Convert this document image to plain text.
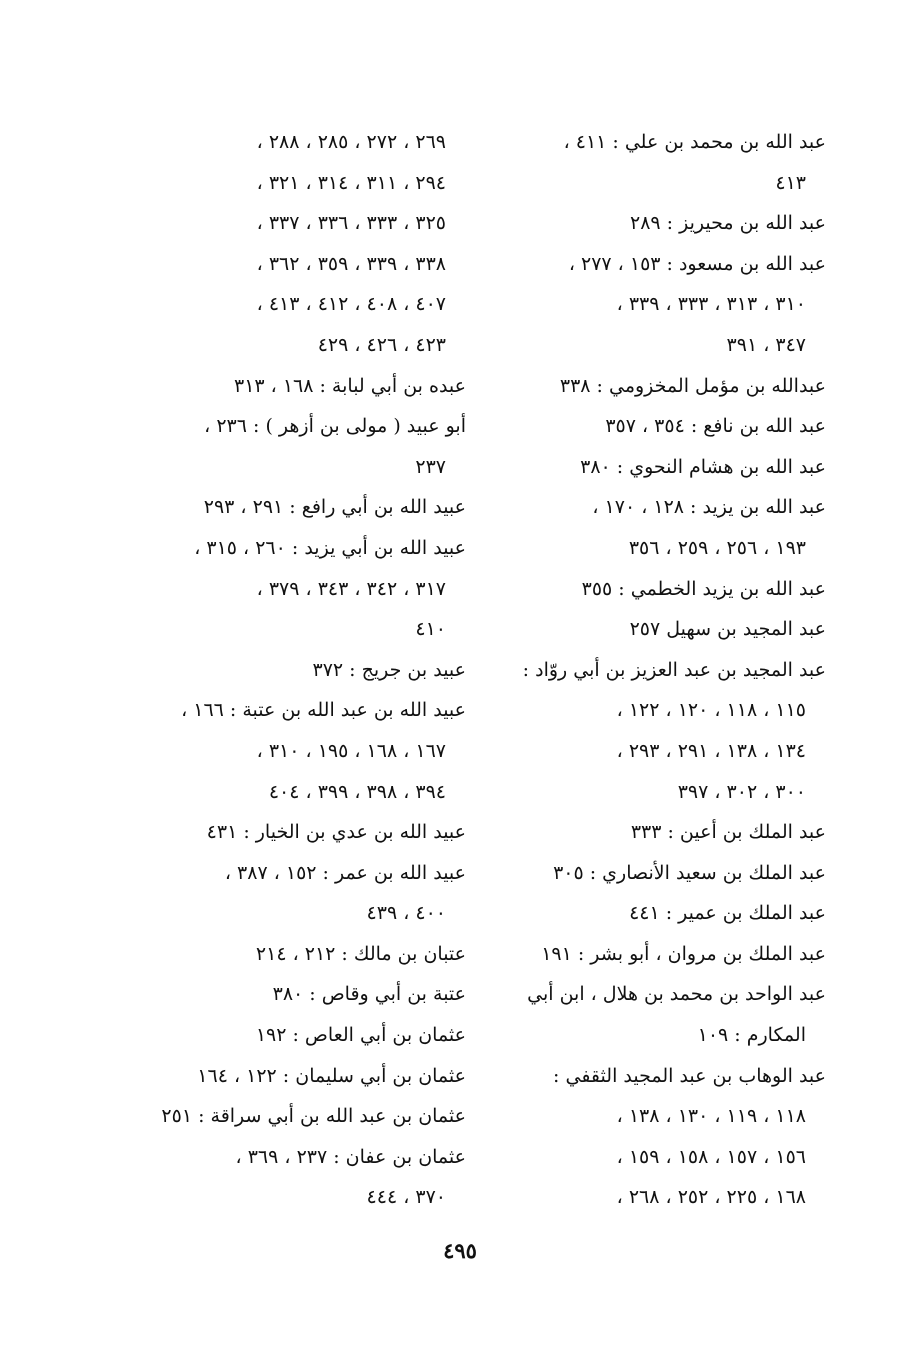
عبد الله بن محمد بن علي : ٤١١ ،
٤١٣
عبد الله بن محيريز : ٢٨٩
عبد الله بن مسعود : ١٥٣ ، ٢٧٧ ،
٣١٠ ، ٣١٣ ، ٣٣٣ ، ٣٣٩ ،
٣٤٧ ، ٣٩١
عبدالله بن مؤمل المخزومي : ٣٣٨
عبد الله بن نافع : ٣٥٤ ، ٣٥٧
عبد الله بن هشام النحوي : ٣٨٠
عبد الله بن يزيد : ١٢٨ ، ١٧٠ ،
١٩٣ ، ٢٥٦ ، ٢٥٩ ، ٣٥٦
عبد الله بن يزيد الخطمي : ٣٥٥
عبد المجيد بن سهيل ٢٥٧
عبد المجيد بن عبد العزيز بن أبي روّاد :
١١٥ ، ١١٨ ، ١٢٠ ، ١٢٢ ،
١٣٤ ، ١٣٨ ، ٢٩١ ، ٢٩٣ ،
٣٠٠ ، ٣٠٢ ، ٣٩٧
عبد الملك بن أعين : ٣٣٣
عبد الملك بن سعيد الأنصاري : ٣٠٥
عبد الملك بن عمير : ٤٤١
عبد الملك بن مروان ، أبو بشر : ١٩١
عبد الواحد بن محمد بن هلال ، ابن أبي
المكارم : ١٠٩
عبد الوهاب بن عبد المجيد الثقفي :
١١٨ ، ١١٩ ، ١٣٠ ، ١٣٨ ،
١٥٦ ، ١٥٧ ، ١٥٨ ، ١٥٩ ،
١٦٨ ، ٢٢٥ ، ٢٥٢ ، ٢٦٨ ،
٢٦٩ ، ٢٧٢ ، ٢٨٥ ، ٢٨٨ ،
٢٩٤ ، ٣١١ ، ٣١٤ ، ٣٢١ ،
٣٢٥ ، ٣٣٣ ، ٣٣٦ ، ٣٣٧ ،
٣٣٨ ، ٣٣٩ ، ٣٥٩ ، ٣٦٢ ،
٤٠٧ ، ٤٠٨ ، ٤١٢ ، ٤١٣ ،
٤٢٣ ، ٤٢٦ ، ٤٢٩
عبده بن أبي لبابة : ١٦٨ ، ٣١٣
أبو عبيد ( مولى بن أزهر ) : ٢٣٦ ،
٢٣٧
عبيد الله بن أبي رافع : ٢٩١ ، ٢٩٣
عبيد الله بن أبي يزيد : ٢٦٠ ، ٣١٥ ،
٣١٧ ، ٣٤٢ ، ٣٤٣ ، ٣٧٩ ،
٤١٠
عبيد بن جريج : ٣٧٢
عبيد الله بن عبد الله بن عتبة : ١٦٦ ،
١٦٧ ، ١٦٨ ، ١٩٥ ، ٣١٠ ،
٣٩٤ ، ٣٩٨ ، ٣٩٩ ، ٤٠٤
عبيد الله بن عدي بن الخيار : ٤٣١
عبيد الله بن عمر : ١٥٢ ، ٣٨٧ ،
٤٠٠ ، ٤٣٩
عتبان بن مالك : ٢١٢ ، ٢١٤
عتبة بن أبي وقاص : ٣٨٠
عثمان بن أبي العاص : ١٩٢
عثمان بن أبي سليمان : ١٢٢ ، ١٦٤
عثمان بن عبد الله بن أبي سراقة : ٢٥١
عثمان بن عفان : ٢٣٧ ، ٣٦٩ ،
٣٧٠ ، ٤٤٤
٤٩٥
